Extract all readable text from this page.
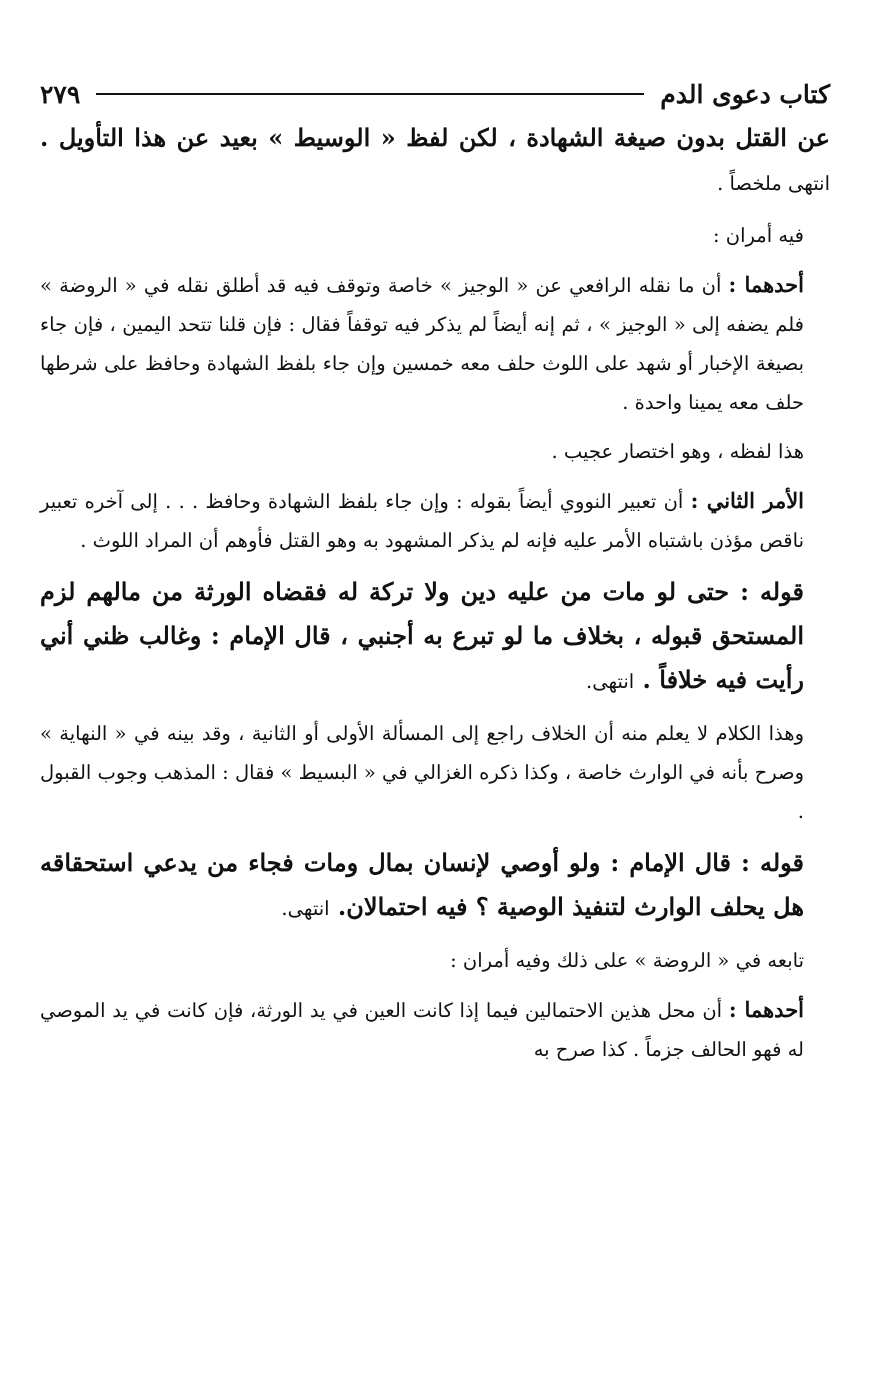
كتاب دعوى الدم
٢٧٩

عن القتل بدون صيغة الشهادة ، لكن لفظ « الوسيط » بعيد عن هذا التأويل . انتهى ملخصاً .

فيه أمران :

أحدهما : أن ما نقله الرافعي عن « الوجيز » خاصة وتوقف فيه قد أطلق نقله في « الروضة » فلم يضفه إلى « الوجيز » ، ثم إنه أيضاً لم يذكر فيه توقفاً فقال : فإن قلنا تتحد اليمين ، فإن جاء بصيغة الإخبار أو شهد على اللوث حلف معه خمسين وإن جاء بلفظ الشهادة وحافظ على شرطها حلف معه يمينا واحدة .

هذا لفظه ، وهو اختصار عجيب .

الأمر الثاني : أن تعبير النووي أيضاً بقوله : وإن جاء بلفظ الشهادة وحافظ . . . إلى آخره تعبير ناقص مؤذن باشتباه الأمر عليه فإنه لم يذكر المشهود به وهو القتل فأوهم أن المراد اللوث .

قوله : حتى لو مات من عليه دين ولا تركة له فقضاه الورثة من مالهم لزم المستحق قبوله ، بخلاف ما لو تبرع به أجنبي ، قال الإمام : وغالب ظني أني رأيت فيه خلافاً . انتهى.

وهذا الكلام لا يعلم منه أن الخلاف راجع إلى المسألة الأولى أو الثانية ، وقد بينه في « النهاية » وصرح بأنه في الوارث خاصة ، وكذا ذكره الغزالي في « البسيط » فقال : المذهب وجوب القبول .

قوله : قال الإمام : ولو أوصي لإنسان بمال ومات فجاء من يدعي استحقاقه هل يحلف الوارث لتنفيذ الوصية ؟ فيه احتمالان. انتهى.

تابعه في « الروضة » على ذلك وفيه أمران :

أحدهما : أن محل هذين الاحتمالين فيما إذا كانت العين في يد الورثة، فإن كانت في يد الموصي له فهو الحالف جزماً . كذا صرح به
